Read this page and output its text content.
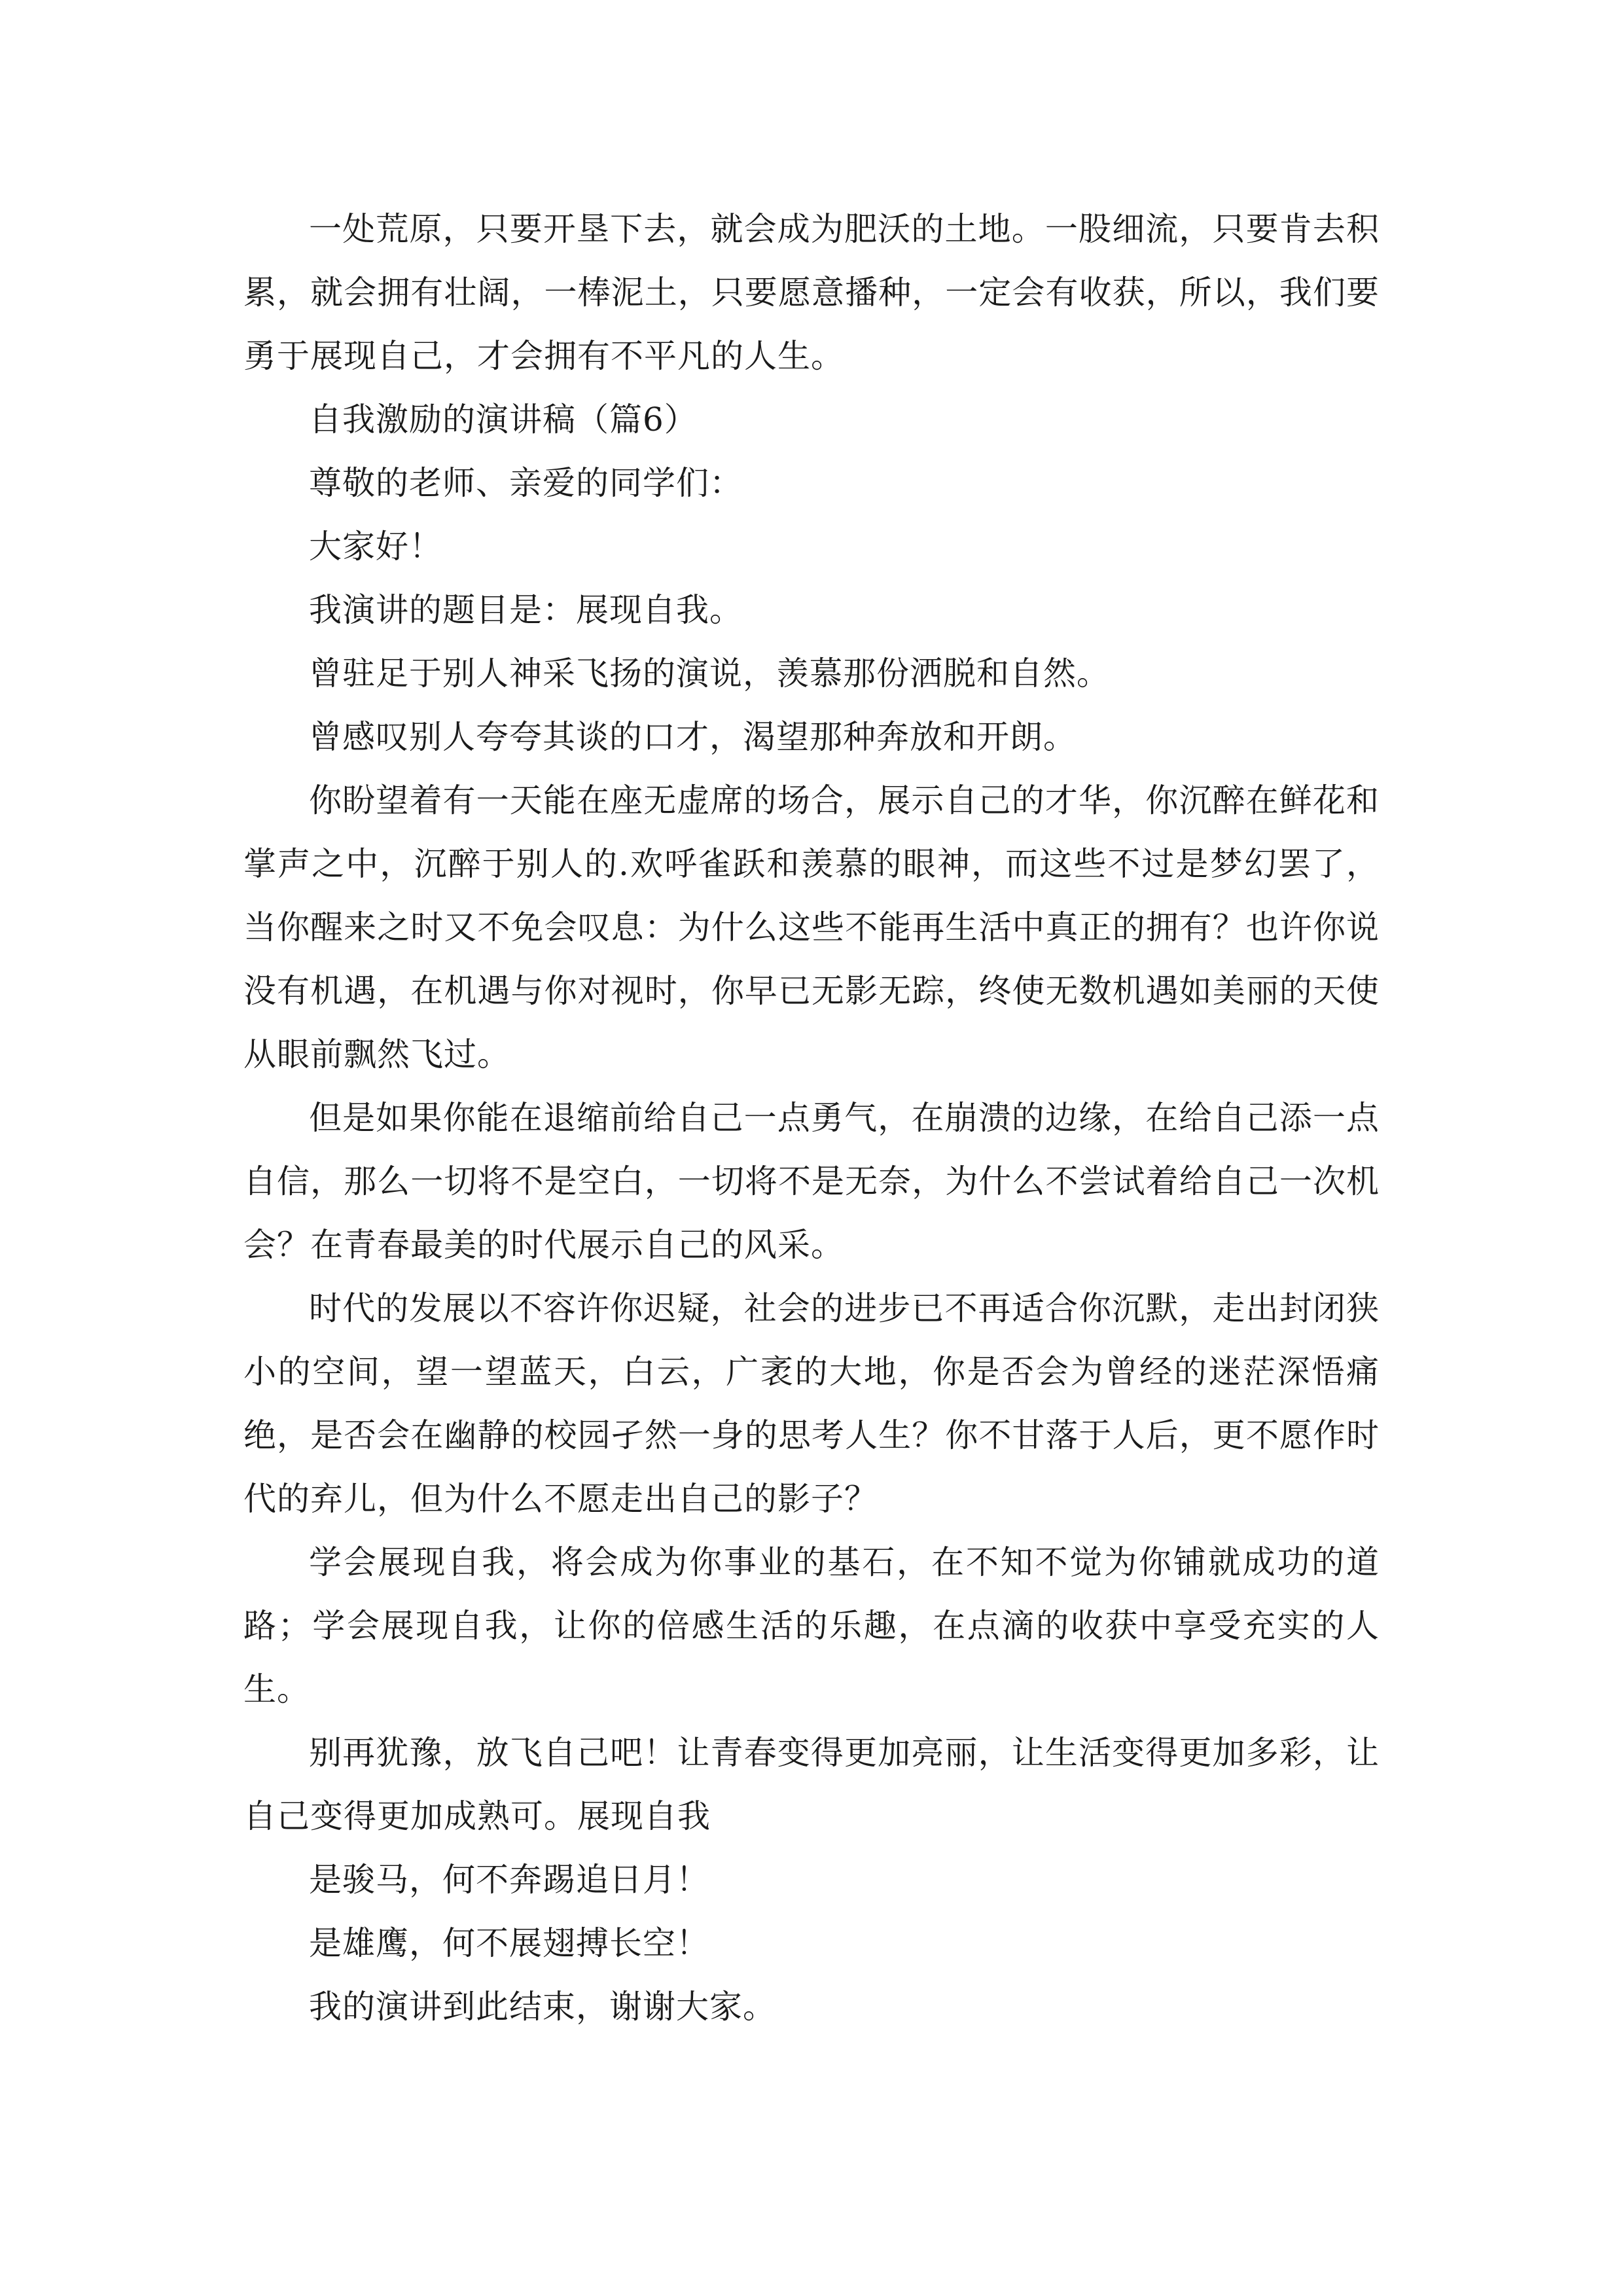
一处荒原，只要开垦下去，就会成为肥沃的土地。一股细流，只要肯去积累，就会拥有壮阔，一棒泥土，只要愿意播种，一定会有收获，所以，我们要勇于展现自己，才会拥有不平凡的人生。

自我激励的演讲稿（篇6）

尊敬的老师、亲爱的同学们：

大家好！

我演讲的题目是：展现自我。

曾驻足于别人神采飞扬的演说，羡慕那份洒脱和自然。

曾感叹别人夸夸其谈的口才，渴望那种奔放和开朗。

你盼望着有一天能在座无虚席的场合，展示自己的才华，你沉醉在鲜花和掌声之中，沉醉于别人的.欢呼雀跃和羡慕的眼神，而这些不过是梦幻罢了，当你醒来之时又不免会叹息：为什么这些不能再生活中真正的拥有？也许你说没有机遇，在机遇与你对视时，你早已无影无踪，终使无数机遇如美丽的天使从眼前飘然飞过。

但是如果你能在退缩前给自己一点勇气，在崩溃的边缘，在给自己添一点自信，那么一切将不是空白，一切将不是无奈，为什么不尝试着给自己一次机会？在青春最美的时代展示自己的风采。

时代的发展以不容许你迟疑，社会的进步已不再适合你沉默，走出封闭狭小的空间，望一望蓝天，白云，广袤的大地，你是否会为曾经的迷茫深悟痛绝，是否会在幽静的校园孑然一身的思考人生？你不甘落于人后，更不愿作时代的弃儿，但为什么不愿走出自己的影子？

学会展现自我，将会成为你事业的基石，在不知不觉为你铺就成功的道路；学会展现自我，让你的倍感生活的乐趣，在点滴的收获中享受充实的人生。

别再犹豫，放飞自己吧！让青春变得更加亮丽，让生活变得更加多彩，让自己变得更加成熟可。展现自我

是骏马，何不奔踢追日月！

是雄鹰，何不展翅搏长空！

我的演讲到此结束，谢谢大家。
